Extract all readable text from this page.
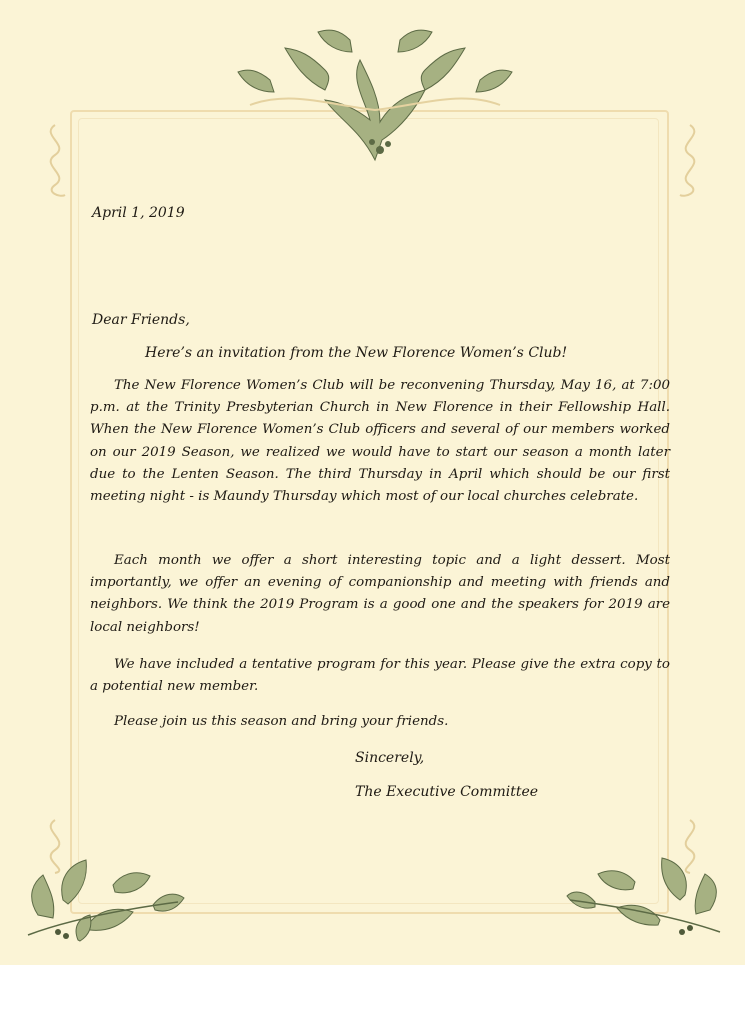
April 1, 2019
Dear Friends,
Here’s an invitation from the New Florence Women’s Club!

The New Florence Women’s Club will be reconvening Thursday, May 16, at 7:00 p.m. at the Trinity Presbyterian Church in New Florence in their Fellowship Hall. When the New Florence Women’s Club officers and several of our members worked on our 2019 Season, we realized we would have to start our season a month later due to the Lenten Season. The third Thursday in April which should be our first meeting night - is Maundy Thursday which most of our local churches celebrate.

Each month we offer a short interesting topic and a light dessert. Most importantly, we offer an evening of companionship and meeting with friends and neighbors. We think the 2019 Program is a good one and the speakers for 2019 are local neighbors!

We have included a tentative program for this year. Please give the extra copy to a potential new member.

Please join us this season and bring your friends.

Sincerely,
The Executive Committee
